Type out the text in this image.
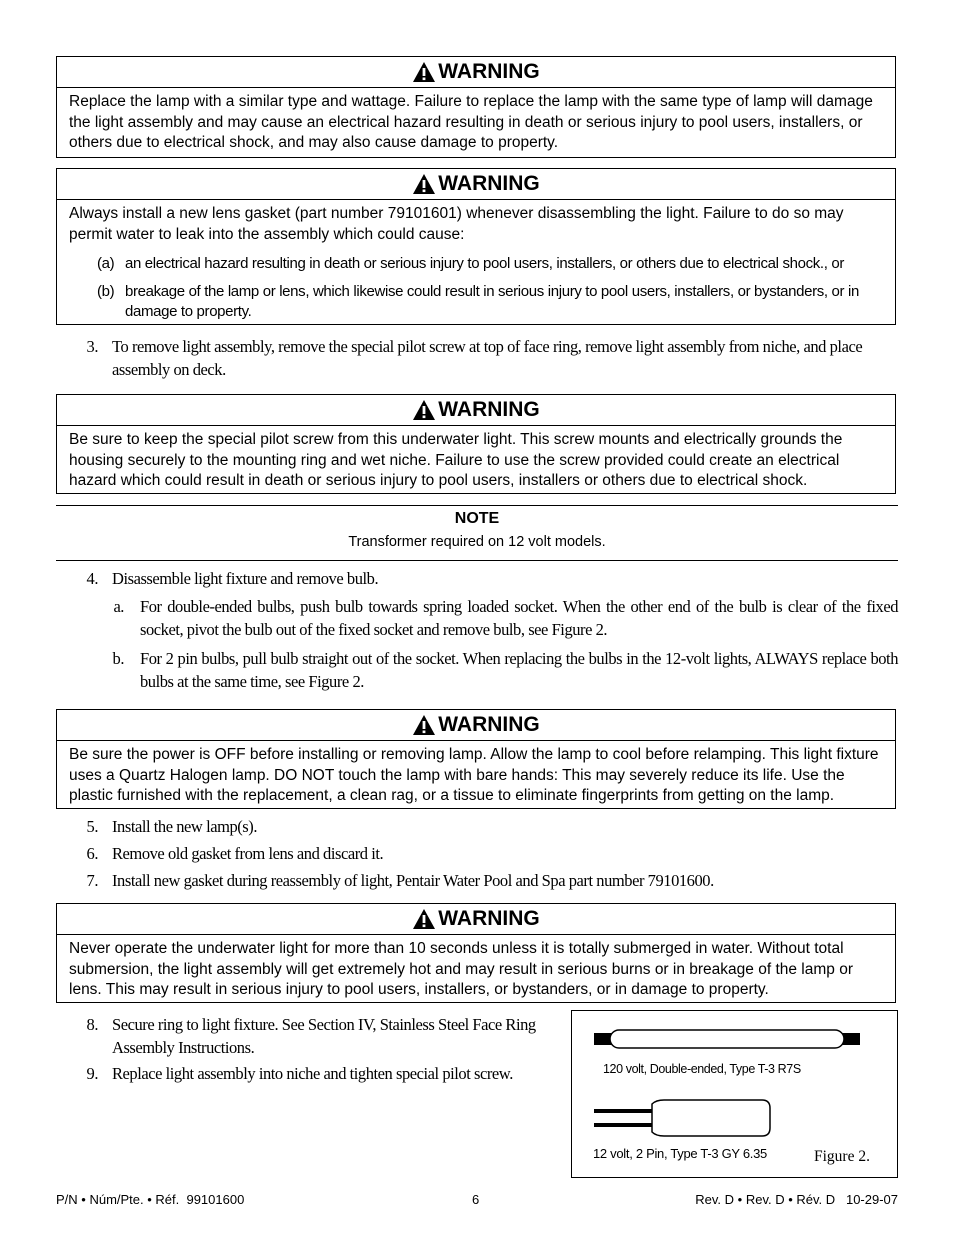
WARNING
Replace the lamp with a similar type and wattage. Failure to replace the lamp with the same type of lamp will damage the light assembly and may cause an electrical hazard resulting in death or serious injury to pool users, installers, or others due to electrical shock, and may also cause damage to property.
WARNING
Always install a new lens gasket (part number 79101601) whenever disassembling the light. Failure to do so may permit water to leak into the assembly which could cause:
(a) an electrical hazard resulting in death or serious injury to pool users, installers, or others due to electrical shock., or
(b) breakage of the lamp or lens, which likewise could result in serious injury to pool users, installers, or bystanders, or in damage to property.
3. To remove light assembly, remove the special pilot screw at top of face ring, remove light assembly from niche, and place assembly on deck.
WARNING
Be sure to keep the special pilot screw from this underwater light. This screw mounts and electrically grounds the housing securely to the mounting ring and wet niche. Failure to use the screw provided could create an electrical hazard which could result in death or serious injury to pool users, installers or others due to electrical shock.
NOTE
Transformer required on 12 volt models.
4. Disassemble light fixture and remove bulb.
a. For double-ended bulbs, push bulb towards spring loaded socket. When the other end of the bulb is clear of the fixed socket, pivot the bulb out of the fixed socket and remove bulb, see Figure 2.
b. For 2 pin bulbs, pull bulb straight out of the socket. When replacing the bulbs in the 12-volt lights, ALWAYS replace both bulbs at the same time, see Figure 2.
WARNING
Be sure the power is OFF before installing or removing lamp. Allow the lamp to cool before relamping. This light fixture uses a Quartz Halogen lamp. DO NOT touch the lamp with bare hands: This may severely reduce its life. Use the plastic furnished with the replacement, a clean rag, or a tissue to eliminate fingerprints from getting on the lamp.
5. Install the new lamp(s).
6. Remove old gasket from lens and discard it.
7. Install new gasket during reassembly of light, Pentair Water Pool and Spa part number 79101600.
WARNING
Never operate the underwater light for more than 10 seconds unless it is totally submerged in water. Without total submersion, the light assembly will get extremely hot and may result in serious burns or in breakage of the lamp or lens. This may result in serious injury to pool users, installers, or bystanders, or in damage to property.
8. Secure ring to light fixture. See Section IV, Stainless Steel Face Ring Assembly Instructions.
9. Replace light assembly into niche and tighten special pilot screw.	120 volt, Double-ended, Type T-3 R7S
12 volt, 2 Pin, Type T-3 GY 6.35	Figure 2.
P/N • Núm/Pte. • Réf.  99101600	6	Rev. D • Rev. D • Rév. D   10-29-07
